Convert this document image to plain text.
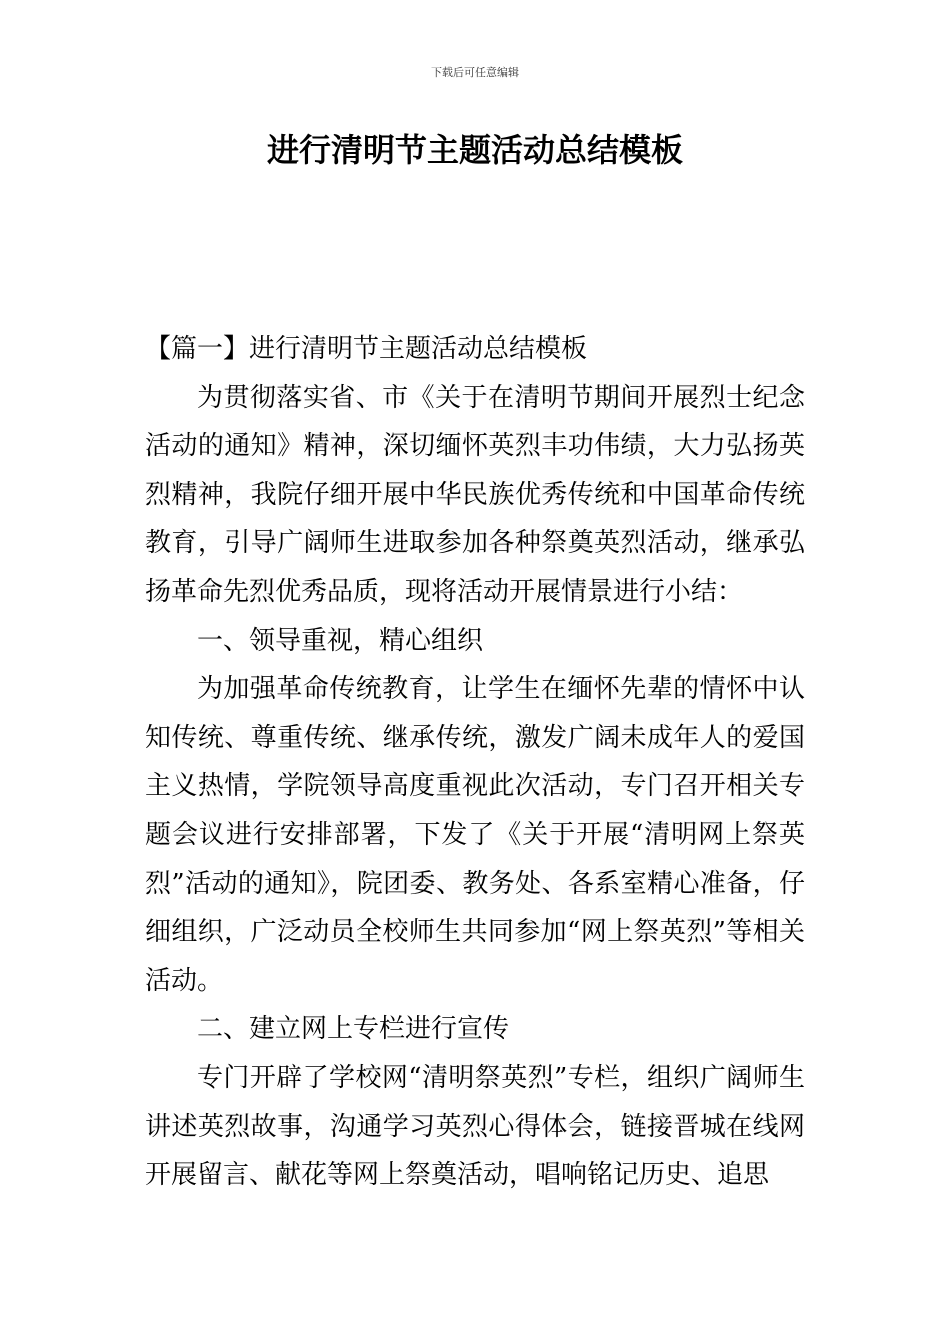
下载后可任意编辑
进行清明节主题活动总结模板

【篇一】进行清明节主题活动总结模板

为贯彻落实省、市《关于在清明节期间开展烈士纪念活动的通知》精神，深切缅怀英烈丰功伟绩，大力弘扬英烈精神，我院仔细开展中华民族优秀传统和中国革命传统教育，引导广阔师生进取参加各种祭奠英烈活动，继承弘扬革命先烈优秀品质，现将活动开展情景进行小结：

一、领导重视，精心组织

为加强革命传统教育，让学生在缅怀先辈的情怀中认知传统、尊重传统、继承传统，激发广阔未成年人的爱国主义热情，学院领导高度重视此次活动，专门召开相关专题会议进行安排部署，下发了《关于开展“清明网上祭英烈”活动的通知》，院团委、教务处、各系室精心准备，仔细组织，广泛动员全校师生共同参加“网上祭英烈”等相关活动。

二、建立网上专栏进行宣传

专门开辟了学校网“清明祭英烈”专栏，组织广阔师生讲述英烈故事，沟通学习英烈心得体会，链接晋城在线网开展留言、献花等网上祭奠活动，唱响铭记历史、追思
